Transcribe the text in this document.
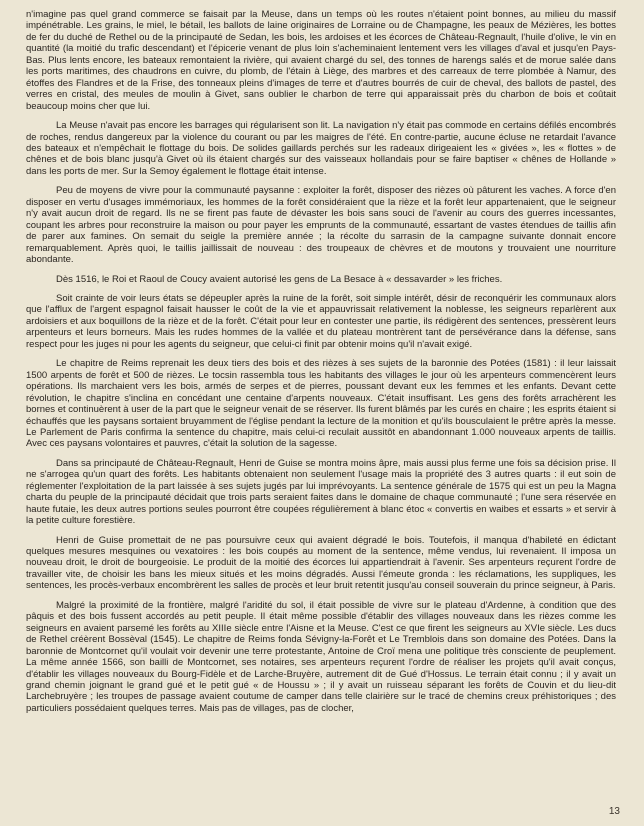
n'imagine pas quel grand commerce se faisait par la Meuse, dans un temps où les routes n'étaient point bonnes, au milieu du massif impénétrable. Les grains, le miel, le bétail, les ballots de laine originaires de Lorraine ou de Champagne, les peaux de Mézières, les bottes de fer du duché de Rethel ou de la principauté de Sedan, les bois, les ardoises et les écorces de Château-Regnault, l'huile d'olive, le vin en quantité (la moitié du trafic descendant) et l'épicerie venant de plus loin s'acheminaient lentement vers les villages d'aval et jusqu'en Pays-Bas. Plus lents encore, les bateaux remontaient la rivière, qui avaient chargé du sel, des tonnes de harengs salés et de morue salée dans les ports maritimes, des chaudrons en cuivre, du plomb, de l'étain à Liège, des marbres et des carreaux de terre plombée à Namur, des étoffes des Flandres et de la Frise, des tonneaux pleins d'images de terre et d'autres bourrés de cuir de cheval, des ballots de pastel, des verres en cristal, des meules de moulin à Givet, sans oublier le charbon de terre qui apparaissait près du charbon de bois et coûtait beaucoup moins cher que lui.

La Meuse n'avait pas encore les barrages qui régularisent son lit. La navigation n'y était pas commode en certains défilés encombrés de roches, rendus dangereux par la violence du courant ou par les maigres de l'été. En contre-partie, aucune écluse ne retardait l'avance des bateaux et n'empêchait le flottage du bois. De solides gaillards perchés sur les radeaux dirigeaient les « givées », les « flottes » de chênes et de bois blanc jusqu'à Givet où ils étaient chargés sur des vaisseaux hollandais pour se faire baptiser « chênes de Hollande » dans les ports de mer. Sur la Semoy également le flottage était intense.

Peu de moyens de vivre pour la communauté paysanne : exploiter la forêt, disposer des rièzes où pâturent les vaches. A force d'en disposer en vertu d'usages immémoriaux, les hommes de la forêt considéraient que la rièze et la forêt leur appartenaient, que le seigneur n'y avait aucun droit de regard. Ils ne se firent pas faute de dévaster les bois sans souci de l'avenir au cours des guerres incessantes, coupant les arbres pour reconstruire la maison ou pour payer les emprunts de la communauté, essartant de vastes étendues de taillis afin de parer aux famines. On semait du seigle la première année ; la récolte du sarrasin de la campagne suivante donnait encore remarquablement. Après quoi, le taillis jaillissait de nouveau : des troupeaux de chèvres et de moutons y trouvaient une nourriture abondante.

Dès 1516, le Roi et Raoul de Coucy avaient autorisé les gens de La Besace à « dessavarder » les friches.

Soit crainte de voir leurs états se dépeupler après la ruine de la forêt, soit simple intérêt, désir de reconquérir les communaux alors que l'afflux de l'argent espagnol faisait hausser le coût de la vie et appauvrissait relativement la noblesse, les seigneurs reparlèrent aux ardoisiers et aux boquillons de la rièze et de la forêt. C'était pour leur en contester une partie, ils rédigèrent des sentences, pressèrent leurs arpenteurs et leurs borneurs. Mais les rudes hommes de la vallée et du plateau montrèrent tant de persévérance dans la défense, sans respect pour les juges ni pour les agents du seigneur, que celui-ci finit par obtenir moins qu'il n'avait exigé.

Le chapitre de Reims reprenait les deux tiers des bois et des rièzes à ses sujets de la baronnie des Potées (1581) : il leur laissait 1500 arpents de forêt et 500 de rièzes. Le tocsin rassembla tous les habitants des villages le jour où les arpenteurs commencèrent leurs opérations. Ils marchaient vers les bois, armés de serpes et de pierres, poussant devant eux les femmes et les enfants. Devant cette révolution, le chapitre s'inclina en concédant une centaine d'arpents nouveaux. C'était insuffisant. Les gens des forêts arrachèrent les bornes et continuèrent à user de la part que le seigneur venait de se réserver. Ils furent blâmés par les curés en chaire ; les esprits étaient si échauffés que les paysans sortaient bruyamment de l'église pendant la lecture de la monition et qu'ils bousculaient le prêtre après la messe. Le Parlement de Paris confirma la sentence du chapitre, mais celui-ci reculait aussitôt en abandonnant 1.000 nouveaux arpents de taillis. Avec ces paysans volontaires et pauvres, c'était la solution de la sagesse.

Dans sa principauté de Château-Regnault, Henri de Guise se montra moins âpre, mais aussi plus ferme une fois sa décision prise. Il ne s'arrogea qu'un quart des forêts. Les habitants obtenaient non seulement l'usage mais la propriété des 3 autres quarts : il eut soin de réglementer l'exploitation de la part laissée à ses sujets jugés par lui imprévoyants. La sentence générale de 1575 qui est un peu la Magna charta du peuple de la principauté décidait que trois parts seraient faites dans le domaine de chaque communauté ; l'une sera réservée en haute futaie, les deux autres portions seules pourront être coupées régulièrement à blanc étoc « convertis en waibes et essarts » et servir à la petite culture forestière.

Henri de Guise promettait de ne pas poursuivre ceux qui avaient dégradé le bois. Toutefois, il manqua d'habileté en édictant quelques mesures mesquines ou vexatoires : les bois coupés au moment de la sentence, même vendus, lui revenaient. Il imposa un nouveau droit, le droit de bourgeoisie. Le produit de la moitié des écorces lui appartiendrait à l'avenir. Ses arpenteurs reçurent l'ordre de travailler vite, de choisir les bans les mieux situés et les moins dégradés. Aussi l'émeute gronda : les réclamations, les suppliques, les sentences, les procès-verbaux encombrèrent les salles de procès et leur bruit retentit jusqu'au conseil souverain du prince seigneur, à Paris.

Malgré la proximité de la frontière, malgré l'aridité du sol, il était possible de vivre sur le plateau d'Ardenne, à condition que des pâquis et des bois fussent accordés au petit peuple. Il était même possible d'établir des villages nouveaux dans les rièzes comme les seigneurs en avaient parsemé les forêts au XIIIe siècle entre l'Aisne et la Meuse. C'est ce que firent les seigneurs au XVIe siècle. Les ducs de Rethel créèrent Bossèval (1545). Le chapitre de Reims fonda Sévigny-la-Forêt et Le Tremblois dans son domaine des Potées. Dans la baronnie de Montcornet qu'il voulait voir devenir une terre protestante, Antoine de Croï mena une politique très consciente de peuplement. La même année 1566, son bailli de Montcornet, ses notaires, ses arpenteurs reçurent l'ordre de réaliser les projets qu'il avait conçus, d'établir les villages nouveaux du Bourg-Fidèle et de Larche-Bruyère, autrement dit de Gué d'Hossus. Le terrain était connu ; il y avait un grand chemin joignant le grand gué et le petit gué « de Houssu » ; il y avait un ruisseau séparant les forêts de Couvin et du lieu-dit Larchebruyère ; les troupes de passage avaient coutume de camper dans telle clairière sur le tracé de chemins creux préhistoriques ; des particuliers possédaient quelques terres. Mais pas de villages, pas de clocher,

13
